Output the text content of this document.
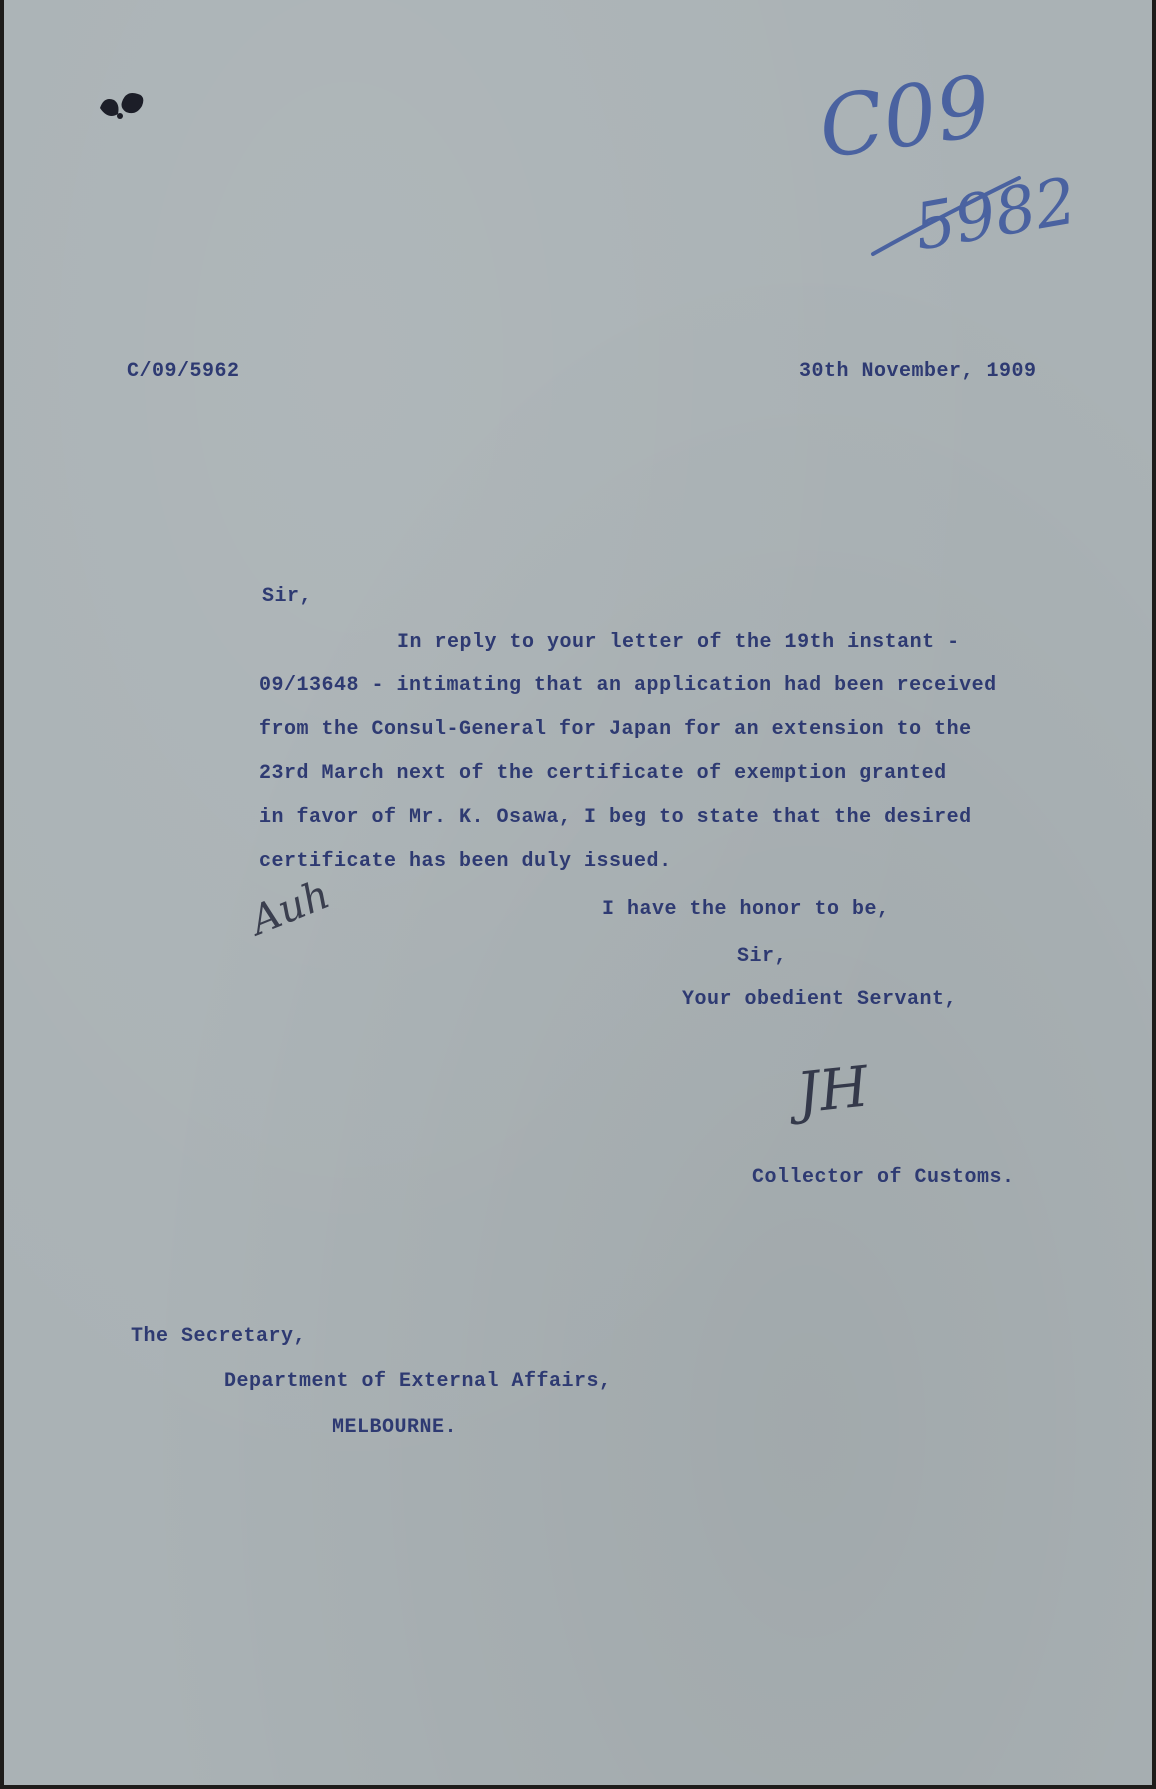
C09
5982
C/09/5962	30th November, 1909
Sir,
In reply to your letter of the 19th instant -
09/13648 - intimating that an application had been received
from the Consul-General for Japan for an extension to the
23rd March next of the certificate of exemption granted
in favor of Mr. K. Osawa, I beg to state that the desired
certificate has been duly issued.
Auh	I have the honor to be,
Sir,
Your obedient Servant,
JH
Collector of Customs.
The Secretary,
Department of External Affairs,
MELBOURNE.
